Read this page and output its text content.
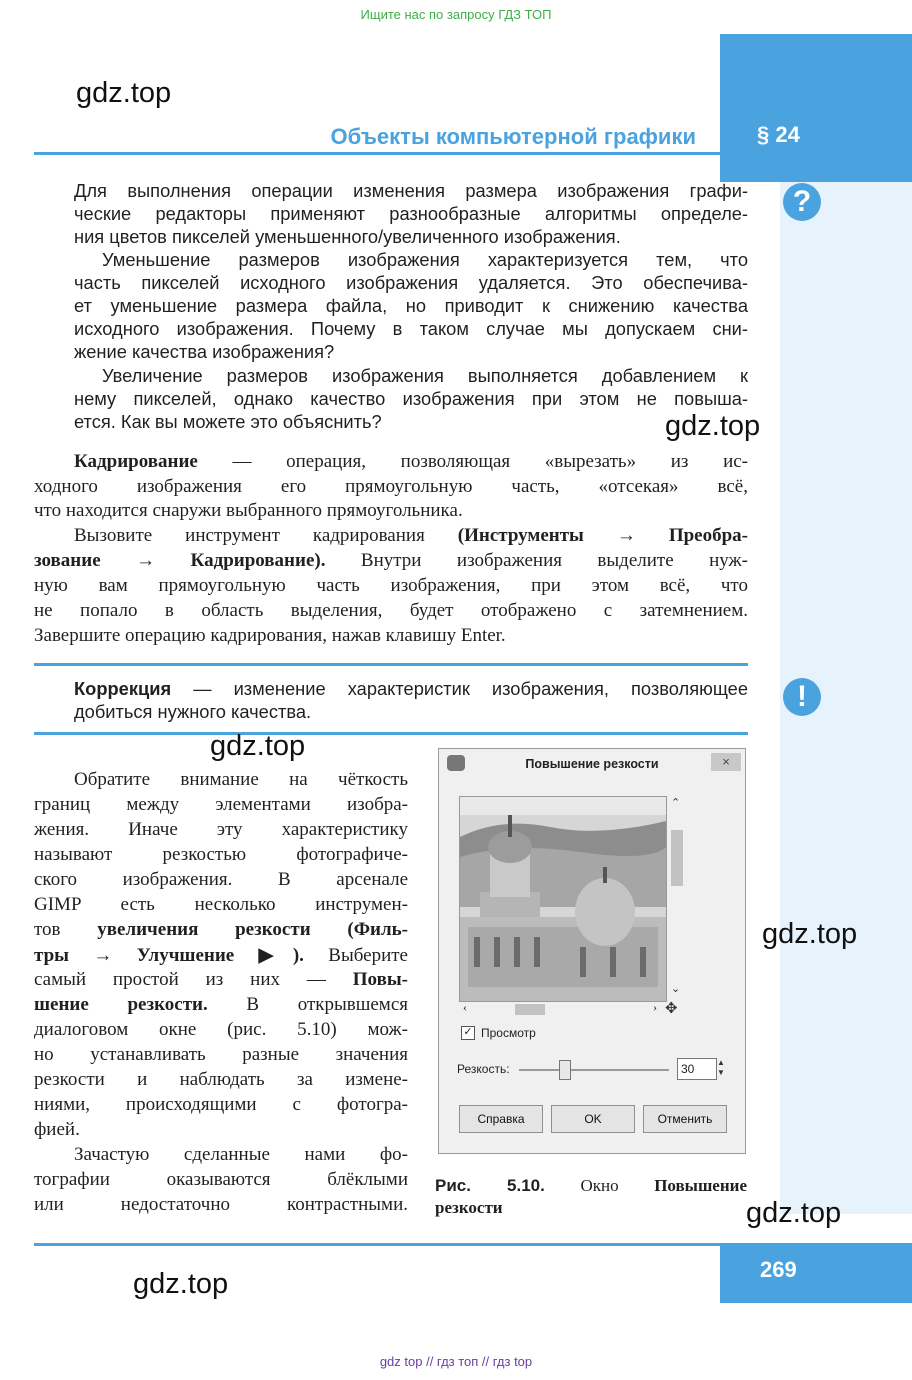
Ищите нас по запросу ГДЗ ТОП
gdz.top
Объекты компьютерной графики	§ 24
?
Для выполнения операции изменения размера изображения графи-
ческие редакторы применяют разнообразные алгоритмы определе-
ния цветов пикселей уменьшенного/увеличенного изображения.
Уменьшение размеров изображения характеризуется тем, что
часть пикселей исходного изображения удаляется. Это обеспечива-
ет уменьшение размера файла, но приводит к снижению качества
исходного изображения. Почему в таком случае мы допускаем сни-
жение качества изображения?
Увеличение размеров изображения выполняется добавлением к
нему пикселей, однако качество изображения при этом не повыша-
ется. Как вы можете это объяснить?	gdz.top
Кадрирование — операция, позволяющая «вырезать» из ис-
ходного изображения его прямоугольную часть, «отсекая» всё,
что находится снаружи выбранного прямоугольника.
Вызовите инструмент кадрирования (Инструменты → Преобра-
зование → Кадрирование). Внутри изображения выделите нуж-
ную вам прямоугольную часть изображения, при этом всё, что
не попало в область выделения, будет отображено с затемнением.
Завершите операцию кадрирования, нажав клавишу Enter.
!
Коррекция — изменение характеристик изображения, позволяющее
добиться нужного качества.
gdz.top
Обратите внимание на чёткость
границ между элементами изобра-
жения. Иначе эту характеристику
называют резкостью фотографиче-
ского изображения. В арсенале
GIMP есть несколько инструмен-
тов увеличения резкости (Филь-
тры → Улучшение ▶). Выберите
самый простой из них — Повы-
шение резкости. В открывшемся
диалоговом окне (рис. 5.10) мож-
но устанавливать разные значения
резкости и наблюдать за измене-
ниями, происходящими с фотогра-
фией.
Зачастую сделанные нами фо-
тографии оказываются блёклыми
или недостаточно контрастными.
Повышение резкости	×
⌃
⌄
‹	› ✥
✓ Просмотр
Резкость:	30	▲
▼
Справка	OK	Отменить
Рис. 5.10. Окно Повышение
резкости
gdz.top
gdz.top
269
gdz.top
gdz top // гдз топ // гдз top
